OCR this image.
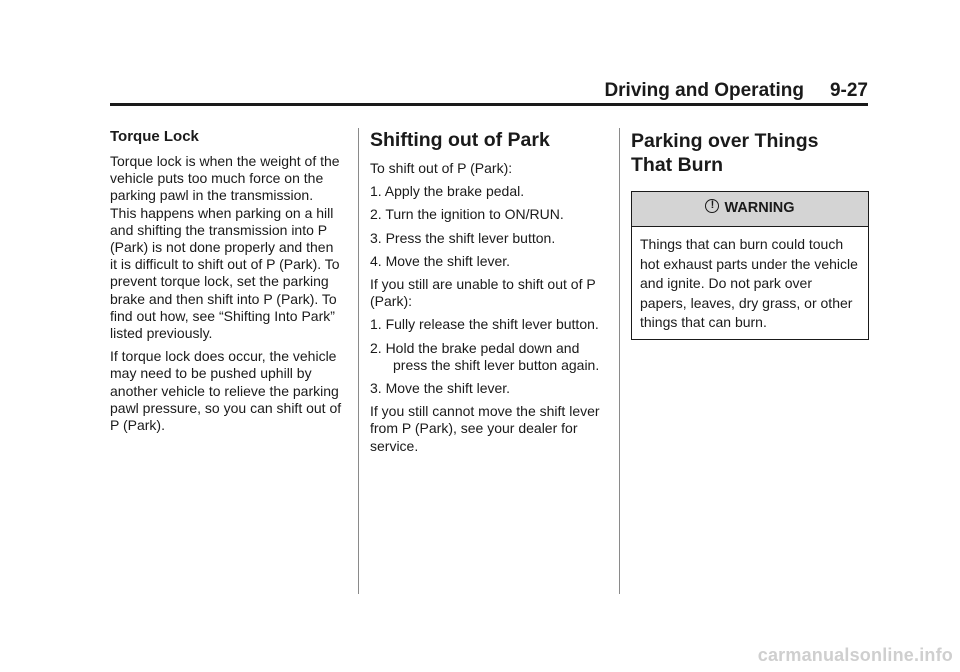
Driving and Operating 9-27
Torque Lock

Torque lock is when the weight of the vehicle puts too much force on the parking pawl in the transmission. This happens when parking on a hill and shifting the transmission into P (Park) is not done properly and then it is difficult to shift out of P (Park). To prevent torque lock, set the parking brake and then shift into P (Park). To find out how, see “Shifting Into Park” listed previously.

If torque lock does occur, the vehicle may need to be pushed uphill by another vehicle to relieve the parking pawl pressure, so you can shift out of P (Park).

Shifting out of Park

To shift out of P (Park):

1. Apply the brake pedal.
2. Turn the ignition to ON/RUN.
3. Press the shift lever button.
4. Move the shift lever.

If you still are unable to shift out of P (Park):

1. Fully release the shift lever button.
2. Hold the brake pedal down and press the shift lever button again.
3. Move the shift lever.

If you still cannot move the shift lever from P (Park), see your dealer for service.

Parking over Things
That Burn
! WARNING
Things that can burn could touch hot exhaust parts under the vehicle and ignite. Do not park over papers, leaves, dry grass, or other things that can burn.
carmanualsonline.info
